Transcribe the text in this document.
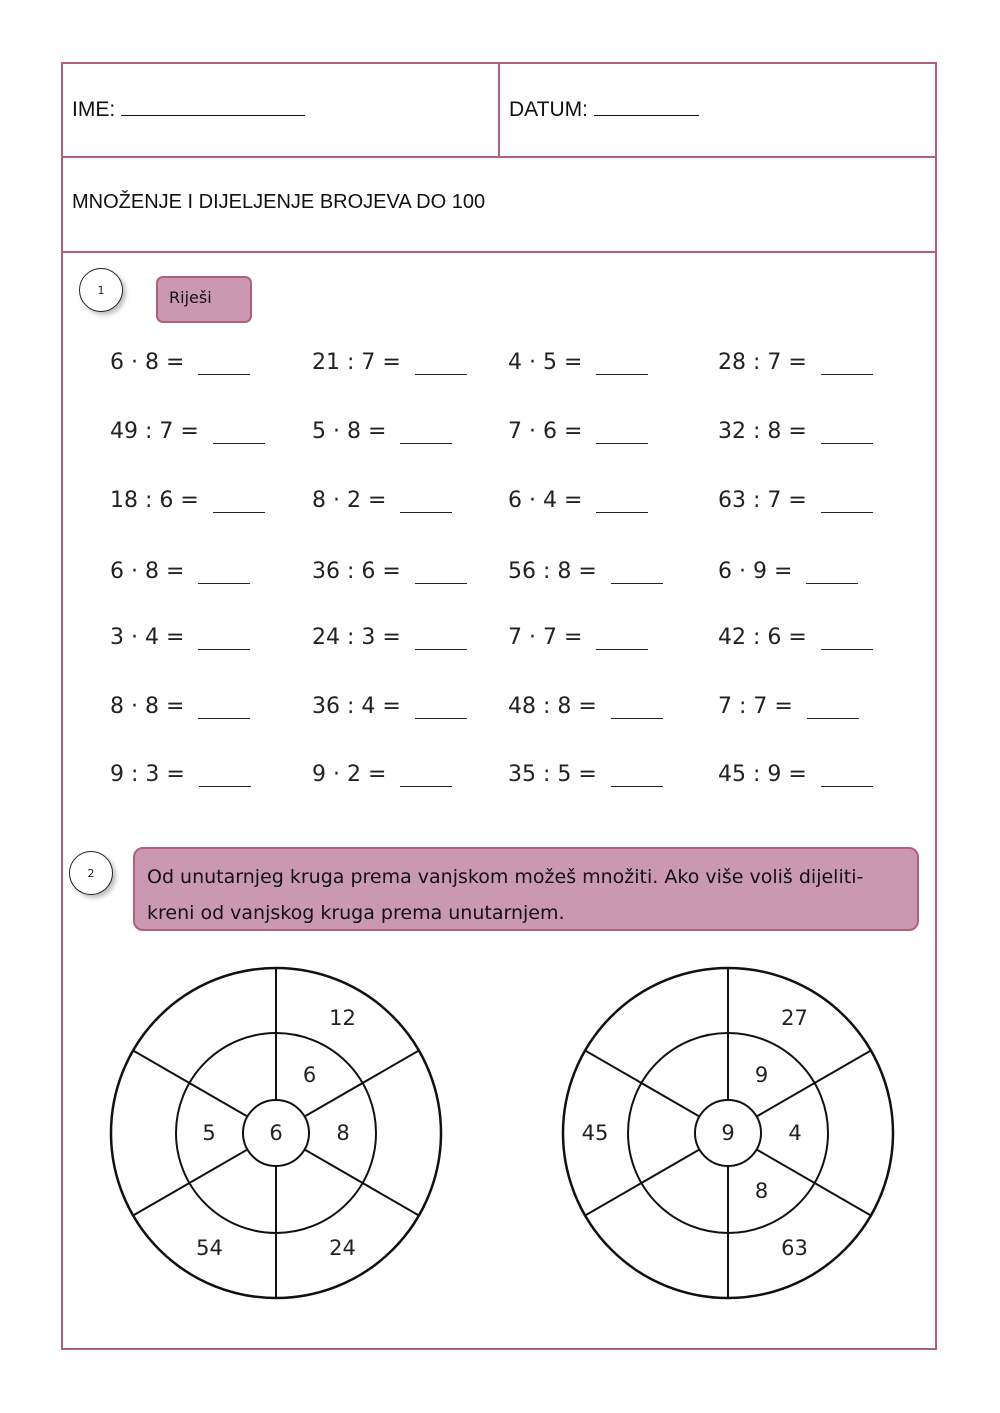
IME:	DATUM:
MNOŽENJE I DIJELJENJE BROJEVA DO 100
1	Riješi
6 · 8 =	21 : 7 =	4 · 5 =	28 : 7 =
49 : 7 =	5 · 8 =	7 · 6 =	32 : 8 =
18 : 6 =	8 · 2 =	6 · 4 =	63 : 7 =
6 · 8 =	36 : 6 =	56 : 8 =	6 · 9 =
3 · 4 =	24 : 3 =	7 · 7 =	42 : 6 =
8 · 8 =	36 : 4 =	48 : 8 =	7 : 7 =
9 : 3 =	9 · 2 =	35 : 5 =	45 : 9 =
2	Od unutarnjeg kruga prema vanjskom možeš množiti. Ako više voliš dijeliti- kreni od vanjskog kruga prema unutarnjem.
6
6
8
5
12
24
54
9
9
4
8
27
63
45
